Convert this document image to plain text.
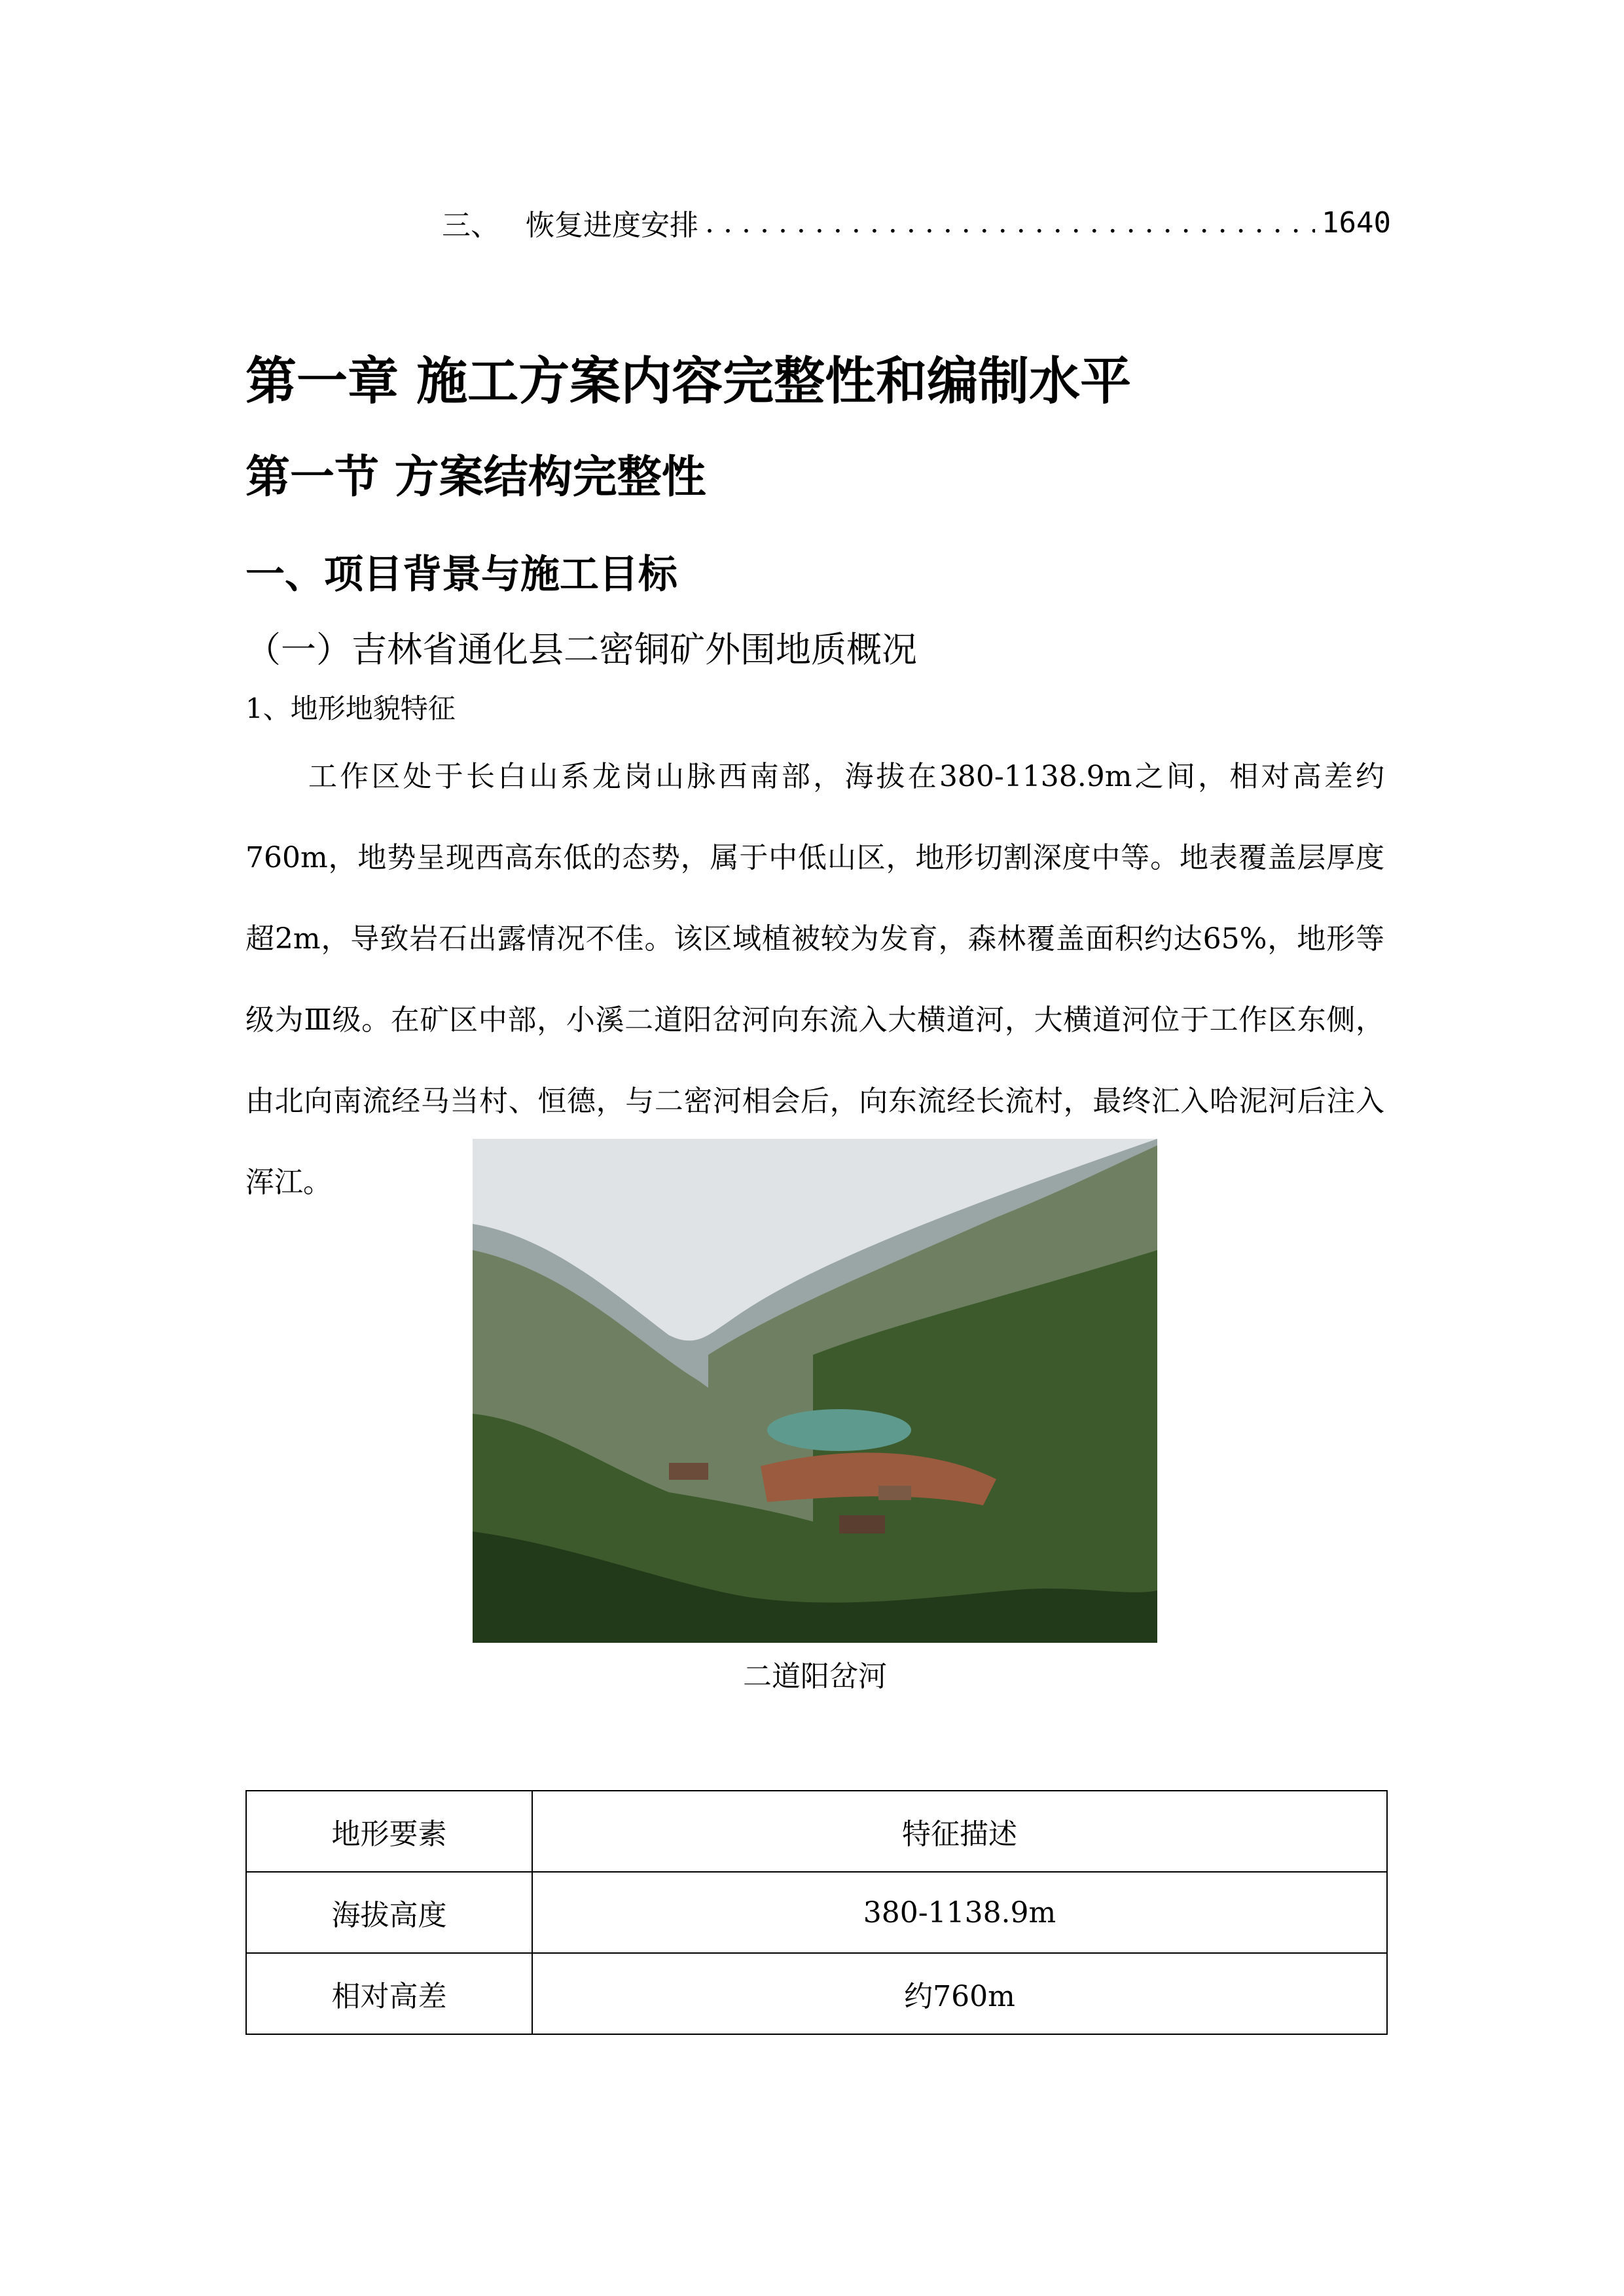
三、 恢复进度安排 .....	1640
第一章 施工方案内容完整性和编制水平
第一节 方案结构完整性
一、项目背景与施工目标
（一）吉林省通化县二密铜矿外围地质概况
1、地形地貌特征

工作区处于长白山系龙岗山脉西南部，海拔在380-1138.9m之间，相对高差约760m，地势呈现西高东低的态势，属于中低山区，地形切割深度中等。地表覆盖层厚度超2m，导致岩石出露情况不佳。该区域植被较为发育，森林覆盖面积约达65%，地形等级为Ⅲ级。在矿区中部，小溪二道阳岔河向东流入大横道河，大横道河位于工作区东侧，由北向南流经马当村、恒德，与二密河相会后，向东流经长流村，最终汇入哈泥河后注入浑江。

二道阳岔河
地形要素	特征描述
海拔高度	380-1138.9m
相对高差	约760m
